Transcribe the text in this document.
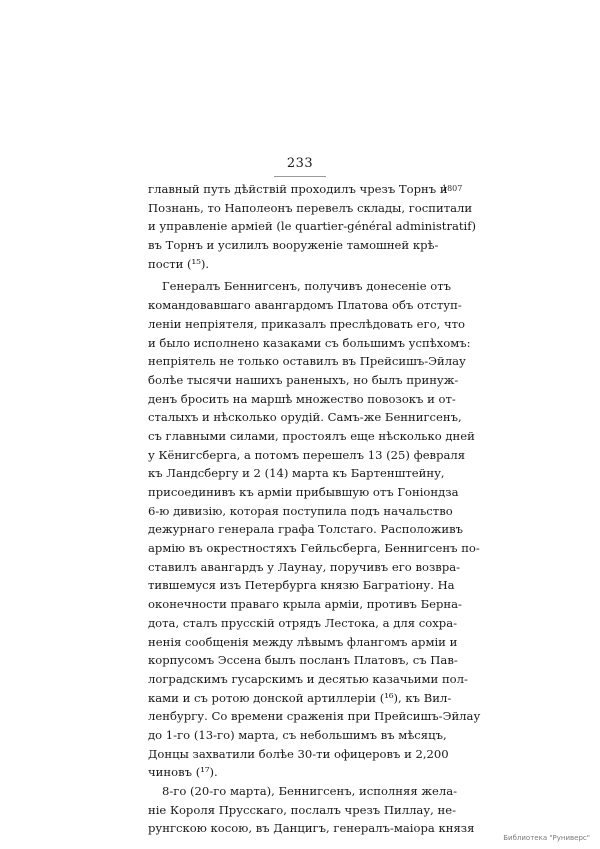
233
1807
главный путь дѣйствій проходилъ чрезъ Торнъ и
Познань, то Наполеонъ перевелъ склады, госпитали
и управленіе арміей (le quartier-général administratif)
въ Торнъ и усилилъ вооруженіе тамошней крѣ-
пости (¹⁵).
Генералъ Беннигсенъ, получивъ донесеніе отъ
командовавшаго авангардомъ Платова объ отступ-
леніи непріятеля, приказалъ преслѣдовать его, что
и было исполнено казаками съ большимъ успѣхомъ:
непріятель не только оставилъ въ Прейсишъ-Эйлау
болѣе тысячи нашихъ раненыхъ, но былъ принуж-
денъ бросить на маршѣ множество повозокъ и от-
сталыхъ и нѣсколько орудій. Самъ-же Беннигсенъ,
съ главными силами, простоялъ еще нѣсколько дней
у Кёнигсберга, а потомъ перешелъ 13 (25) февраля
къ Ландсбергу и 2 (14) марта къ Бартенштейну,
присоединивъ къ арміи прибывшую отъ Гоніондза
6-ю дивизію, которая поступила подъ начальство
дежурнаго генерала графа Толстаго. Расположивъ
армію въ окрестностяхъ Гейльсберга, Беннигсенъ по-
ставилъ авангардъ у Лаунау, поручивъ его возвра-
тившемуся изъ Петербурга князю Багратіону. На
оконечности праваго крыла арміи, противъ Берна-
дота, сталъ прусскій отрядъ Лестока, а для сохра-
ненія сообщенія между лѣвымъ флангомъ арміи и
корпусомъ Эссена былъ посланъ Платовъ, съ Пав-
лоградскимъ гусарскимъ и десятью казачьими пол-
ками и съ ротою донской артиллеріи (¹⁶), къ Вил-
ленбургу. Со времени сраженія при Прейсишъ-Эйлау
до 1-го (13-го) марта, съ небольшимъ въ мѣсяцъ,
Донцы захватили болѣе 30-ти офицеровъ и 2,200
чиновъ (¹⁷).
8-го (20-го марта), Беннигсенъ, исполняя жела-
ніе Короля Прусскаго, послалъ чрезъ Пиллау, не-
рунгскою косою, въ Данцигъ, генералъ-маіора князя
Библиотека "Руниверс"
